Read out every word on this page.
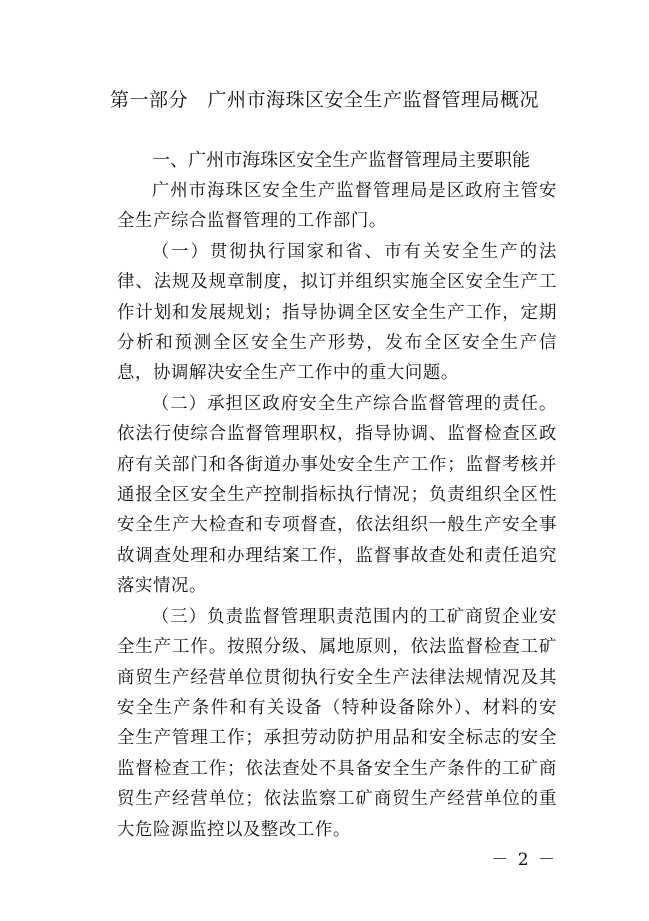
第一部分　广州市海珠区安全生产监督管理局概况

一、广州市海珠区安全生产监督管理局主要职能

广州市海珠区安全生产监督管理局是区政府主管安全生产综合监督管理的工作部门。

（一）贯彻执行国家和省、市有关安全生产的法律、法规及规章制度，拟订并组织实施全区安全生产工作计划和发展规划；指导协调全区安全生产工作，定期分析和预测全区安全生产形势，发布全区安全生产信息，协调解决安全生产工作中的重大问题。

（二）承担区政府安全生产综合监督管理的责任。依法行使综合监督管理职权，指导协调、监督检查区政府有关部门和各街道办事处安全生产工作；监督考核并通报全区安全生产控制指标执行情况；负责组织全区性安全生产大检查和专项督查，依法组织一般生产安全事故调查处理和办理结案工作，监督事故查处和责任追究落实情况。

（三）负责监督管理职责范围内的工矿商贸企业安全生产工作。按照分级、属地原则，依法监督检查工矿商贸生产经营单位贯彻执行安全生产法律法规情况及其安全生产条件和有关设备（特种设备除外）、材料的安全生产管理工作；承担劳动防护用品和安全标志的安全监督检查工作；依法查处不具备安全生产条件的工矿商贸生产经营单位；依法监察工矿商贸生产经营单位的重大危险源监控以及整改工作。

－ 2 －
